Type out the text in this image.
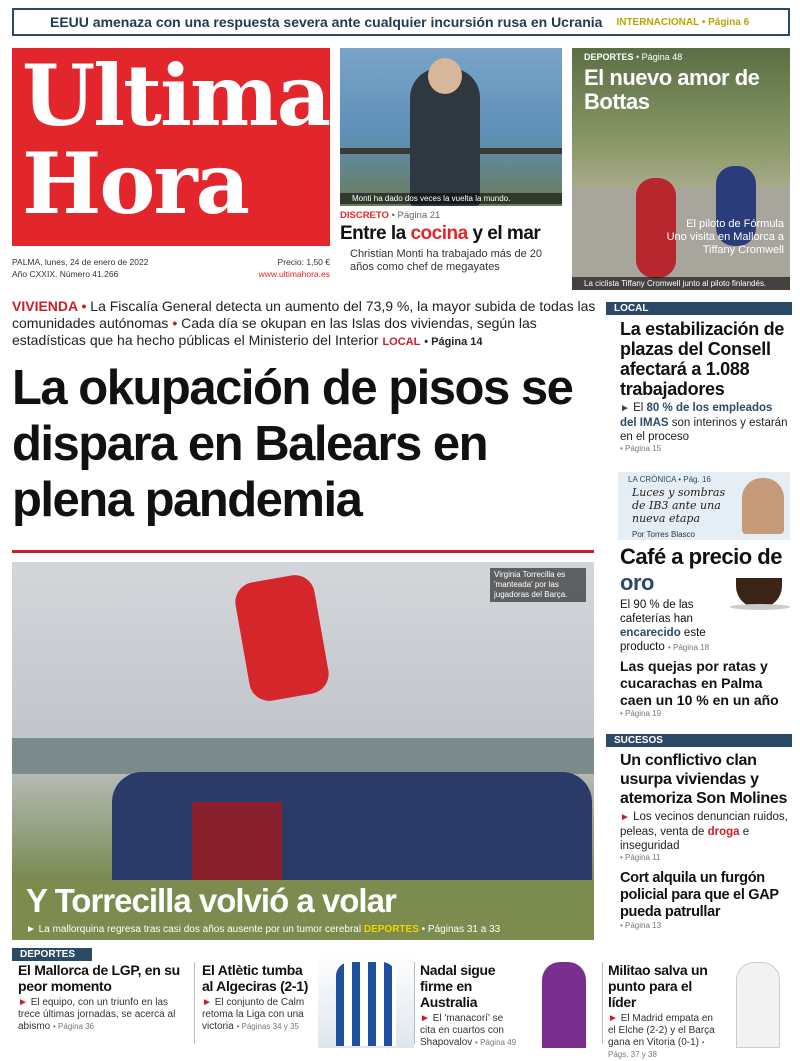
EEUU amenaza con una respuesta severa ante cualquier incursión rusa en Ucrania INTERNACIONAL • Página 6
Ultima
Hora
PALMA, lunes, 24 de enero de 2022	Precio: 1,50 €
Año CXXIX. Número 41.266	www.ultimahora.es
Monti ha dado dos veces la vuelta la mundo.
DISCRETO • Página 21
Entre la cocina y el mar

Christian Monti ha trabajado más de 20 años como chef de megayates

DEPORTES • Página 48
El nuevo amor de Bottas
El piloto de Fórmula Uno visita en Mallorca a Tiffany Cromwell
La ciclista Tiffany Cromwell junto al piloto finlandés.
VIVIENDA • La Fiscalía General detecta un aumento del 73,9 %, la mayor subida de todas las comunidades autónomas • Cada día se okupan en las Islas dos viviendas, según las estadísticas que ha hecho públicas el Ministerio del Interior LOCAL • Página 14
La okupación de pisos se dispara en Balears en plena pandemia
Virginia Torrecilla es 'manteada' por las jugadoras del Barça.
Y Torrecilla volvió a volar

► La mallorquina regresa tras casi dos años ausente por un tumor cerebral DEPORTES • Páginas 31 a 33

LOCAL
La estabilización de plazas del Consell afectará a 1.088 trabajadores
► El 80 % de los empleados del IMAS son interinos y estarán en el proceso
• Página 15
LA CRÓNICA • Pág. 16
Luces y sombras de IB3 ante una nueva etapa
Por Torres Blasco
Café a precio de oro
El 90 % de las cafeterías han encarecido este producto • Página 18
Las quejas por ratas y cucarachas en Palma caen un 10 % en un año
• Página 19
SUCESOS
Un conflictivo clan usurpa viviendas y atemoriza Son Molines
► Los vecinos denuncian ruidos, peleas, venta de droga e inseguridad
• Página 11
Cort alquila un furgón policial para que el GAP pueda patrullar
• Página 13
DEPORTES
El Mallorca de LGP, en su peor momento
► El equipo, con un triunfo en las trece últimas jornadas, se acerca al abismo • Página 36
El Atlètic tumba al Algeciras (2-1)
► El conjunto de Calm retoma la Liga con una victoria • Páginas 34 y 35
Nadal sigue firme en Australia
► El 'manacorí' se cita en cuartos con Shapovalov • Página 49
Militao salva un punto para el líder
► El Madrid empata en el Elche (2-2) y el Barça gana en Vitoria (0-1) • Págs. 37 y 38
